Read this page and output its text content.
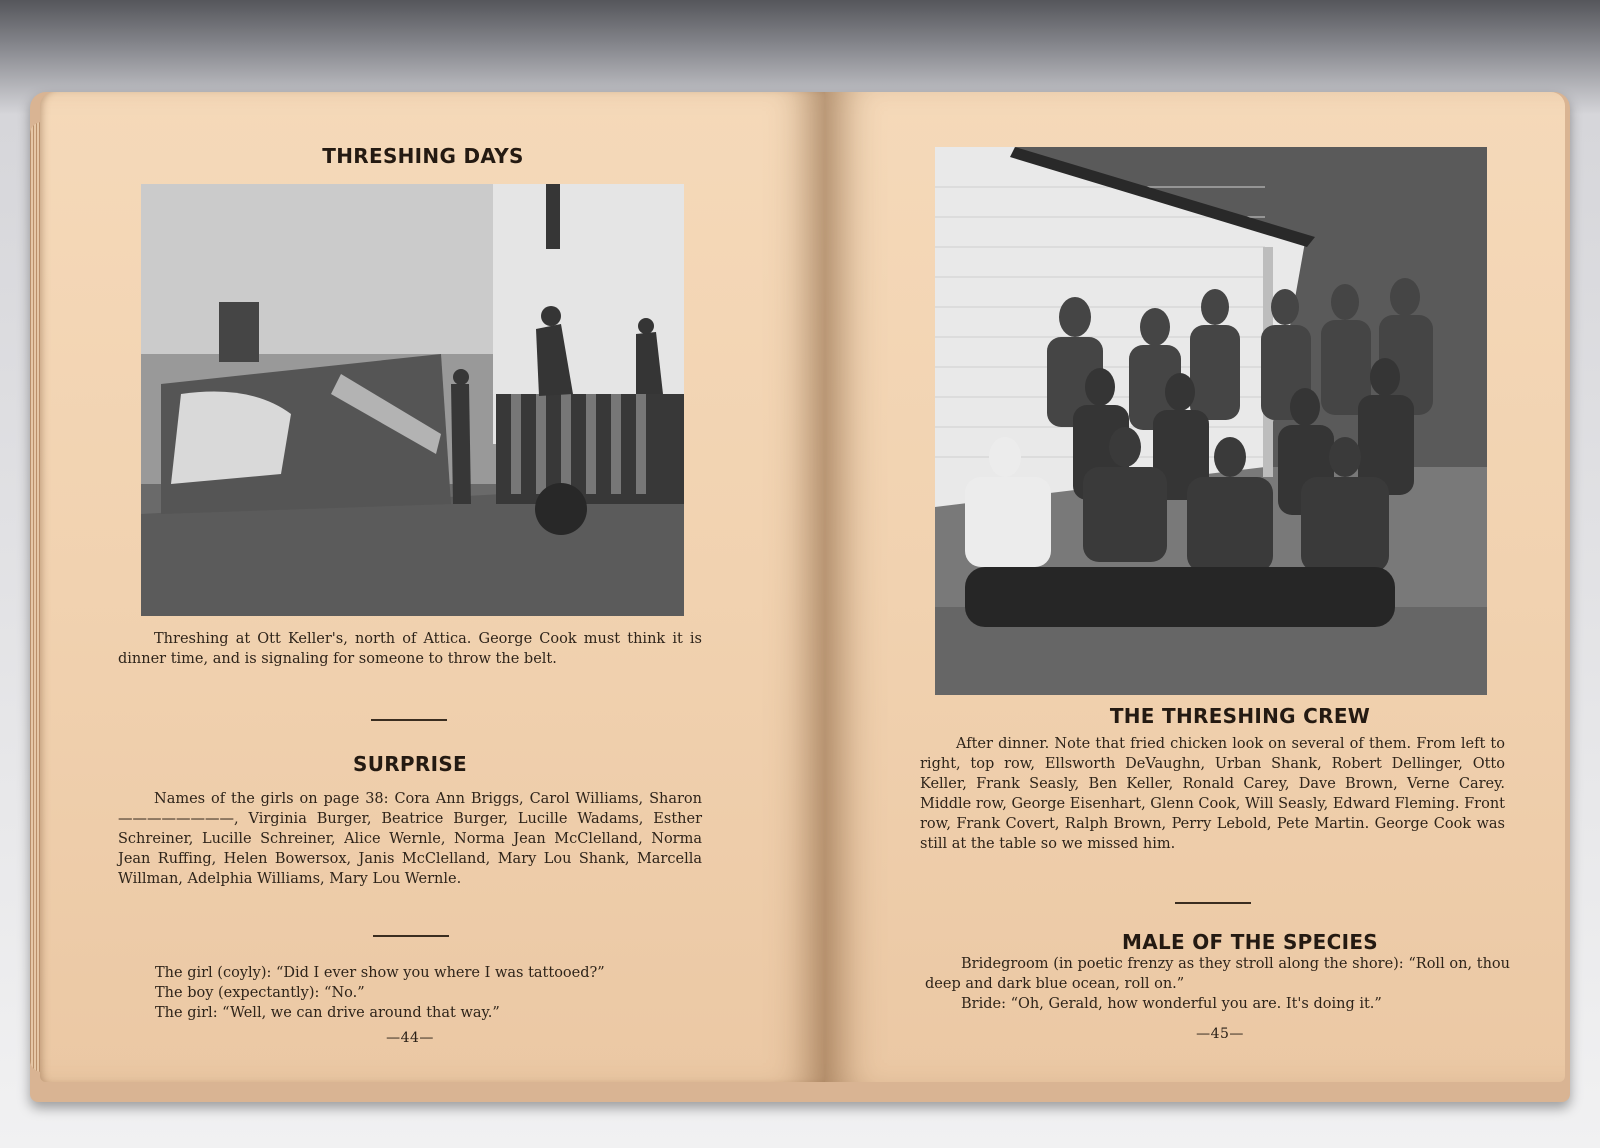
THRESHING DAYS
Threshing at Ott Keller's, north of Attica. George Cook must think it is dinner time, and is signaling for someone to throw the belt.
SURPRISE
Names of the girls on page 38: Cora Ann Briggs, Carol Williams, Sharon ————————, Virginia Burger, Beatrice Burger, Lucille Wadams, Esther Schreiner, Lucille Schreiner, Alice Wernle, Norma Jean McClelland, Norma Jean Ruffing, Helen Bowersox, Janis McClelland, Mary Lou Shank, Marcella Willman, Adelphia Williams, Mary Lou Wernle.

The girl (coyly): “Did I ever show you where I was tattooed?”

The boy (expectantly): “No.”

The girl: “Well, we can drive around that way.”

—44—
THE THRESHING CREW
After dinner. Note that fried chicken look on several of them. From left to right, top row, Ellsworth DeVaughn, Urban Shank, Robert Dellinger, Otto Keller, Frank Seasly, Ben Keller, Ronald Carey, Dave Brown, Verne Carey. Middle row, George Eisenhart, Glenn Cook, Will Seasly, Edward Fleming. Front row, Frank Covert, Ralph Brown, Perry Lebold, Pete Martin. George Cook was still at the table so we missed him.
MALE OF THE SPECIES

Bridegroom (in poetic frenzy as they stroll along the shore): “Roll on, thou deep and dark blue ocean, roll on.”

Bride: “Oh, Gerald, how wonderful you are. It's doing it.”

—45—
